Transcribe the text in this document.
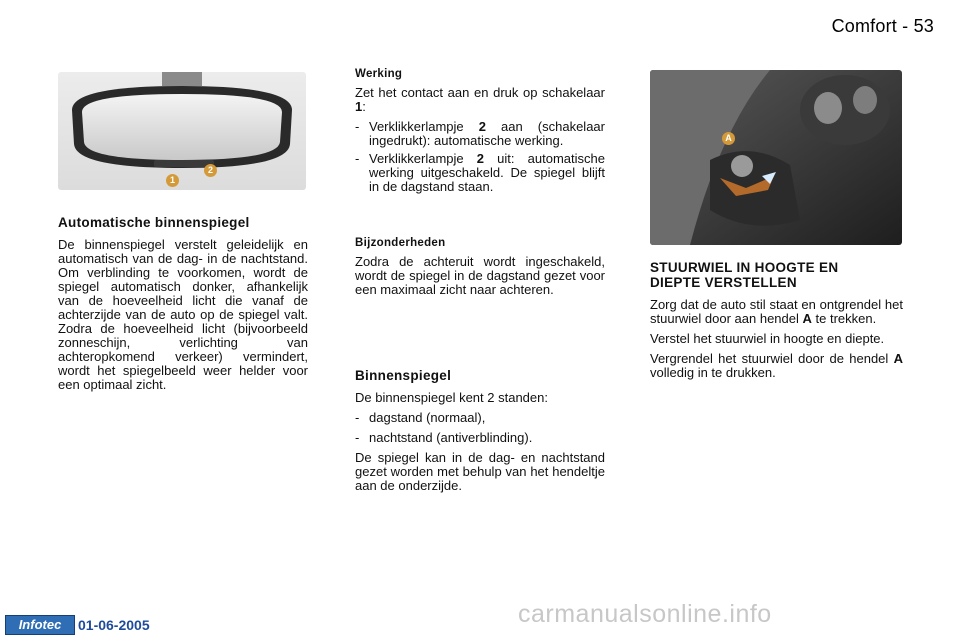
Comfort - 53
1
2
Automatische binnenspiegel

De binnenspiegel verstelt geleidelijk en automatisch van de dag- in de nachtstand. Om verblinding te voorkomen, wordt de spiegel automatisch donker, afhankelijk van de hoeveelheid licht die vanaf de achterzijde van de auto op de spiegel valt. Zodra de hoeveelheid licht (bijvoorbeeld zonneschijn, verlichting van achteropkomend verkeer) vermindert, wordt het spiegelbeeld weer helder voor een optimaal zicht.

Werking

Zet het contact aan en druk op schakelaar 1:

- Verklikkerlampje 2 aan (schakelaar ingedrukt): automatische werking.
- Verklikkerlampje 2 uit: automatische werking uitgeschakeld. De spiegel blijft in de dagstand staan.
Bijzonderheden

Zodra de achteruit wordt ingeschakeld, wordt de spiegel in de dagstand gezet voor een maximaal zicht naar achteren.

Binnenspiegel

De binnenspiegel kent 2 standen:

- dagstand (normaal),
- nachtstand (antiverblinding).

De spiegel kan in de dag- en nachtstand gezet worden met behulp van het hendeltje aan de onderzijde.

A
STUURWIEL IN HOOGTE EN
DIEPTE VERSTELLEN

Zorg dat de auto stil staat en ontgrendel het stuurwiel door aan hendel A te trekken.

Verstel het stuurwiel in hoogte en diepte.

Vergrendel het stuurwiel door de hendel A volledig in te drukken.

Infotec	01-06-2005	carmanualsonline.info
